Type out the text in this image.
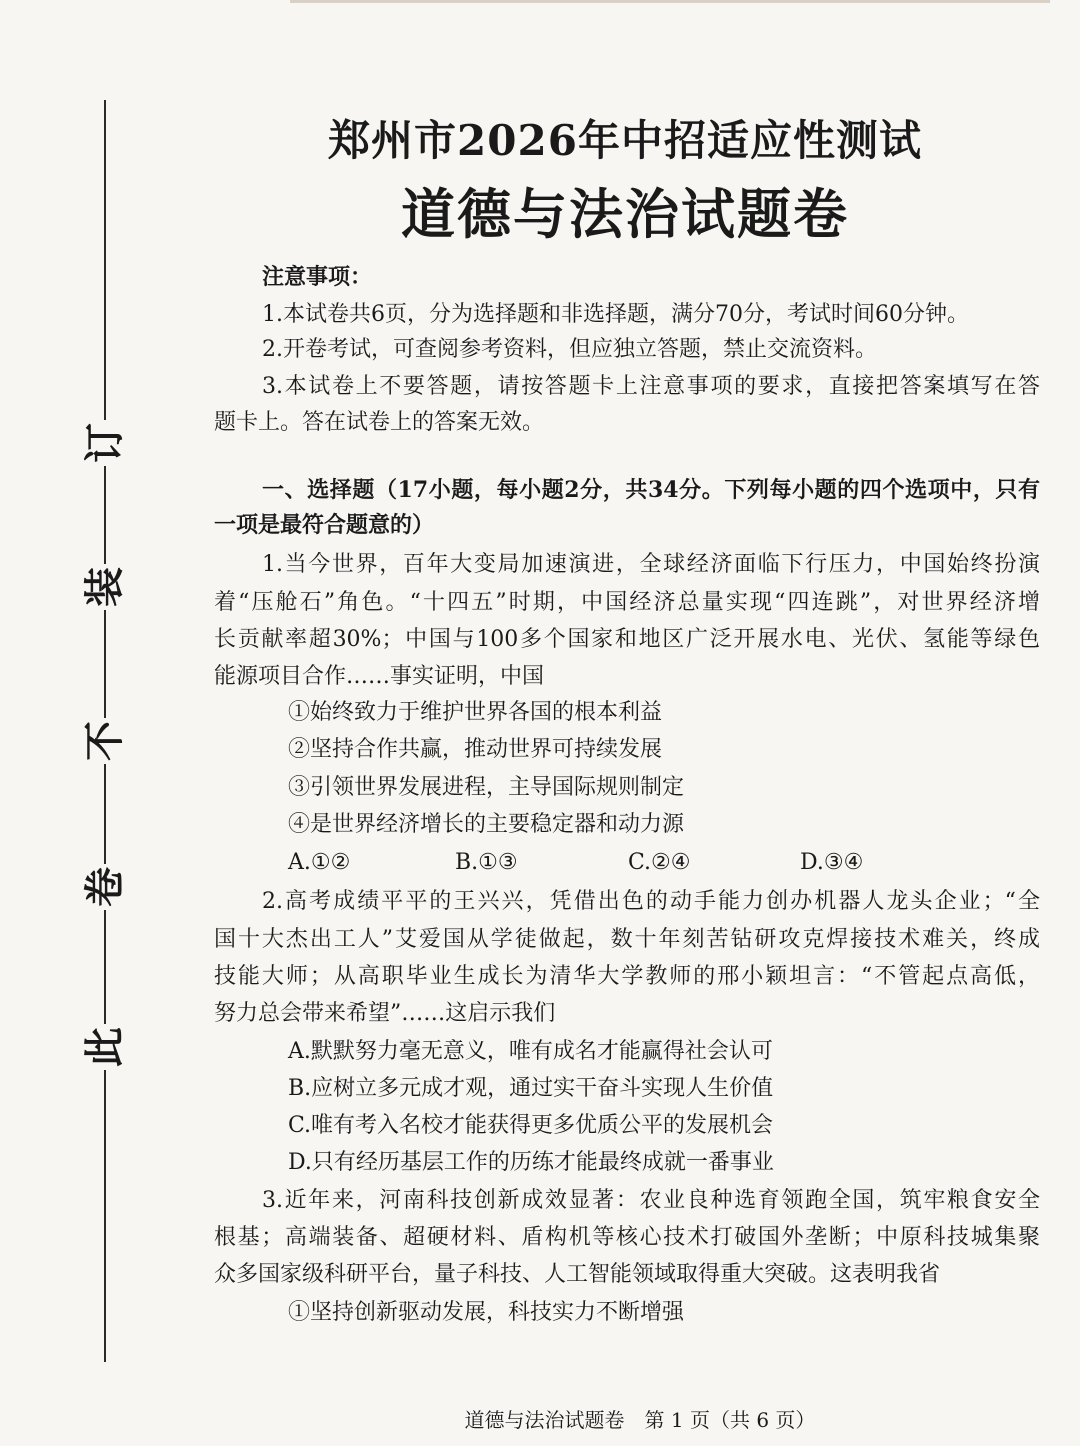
订
装
不
卷
此
郑州市2026年中招适应性测试
道德与法治试题卷
注意事项：
1.本试卷共6页，分为选择题和非选择题，满分70分，考试时间60分钟。
2.开卷考试，可查阅参考资料，但应独立答题，禁止交流资料。
3.本试卷上不要答题，请按答题卡上注意事项的要求，直接把答案填写在答
题卡上。答在试卷上的答案无效。
一、选择题（17小题，每小题2分，共34分。下列每小题的四个选项中，只有
一项是最符合题意的）
1.当今世界，百年大变局加速演进，全球经济面临下行压力，中国始终扮演
着“压舱石”角色。“十四五”时期，中国经济总量实现“四连跳”，对世界经济增
长贡献率超30%；中国与100多个国家和地区广泛开展水电、光伏、氢能等绿色
能源项目合作……事实证明，中国
①始终致力于维护世界各国的根本利益
②坚持合作共赢，推动世界可持续发展
③引领世界发展进程，主导国际规则制定
④是世界经济增长的主要稳定器和动力源
A.①②	B.①③	C.②④	D.③④
2.高考成绩平平的王兴兴，凭借出色的动手能力创办机器人龙头企业；“全
国十大杰出工人”艾爱国从学徒做起，数十年刻苦钻研攻克焊接技术难关，终成
技能大师；从高职毕业生成长为清华大学教师的邢小颖坦言：“不管起点高低，
努力总会带来希望”……这启示我们
A.默默努力毫无意义，唯有成名才能赢得社会认可
B.应树立多元成才观，通过实干奋斗实现人生价值
C.唯有考入名校才能获得更多优质公平的发展机会
D.只有经历基层工作的历练才能最终成就一番事业
3.近年来，河南科技创新成效显著：农业良种选育领跑全国，筑牢粮食安全
根基；高端装备、超硬材料、盾构机等核心技术打破国外垄断；中原科技城集聚
众多国家级科研平台，量子科技、人工智能领域取得重大突破。这表明我省
①坚持创新驱动发展，科技实力不断增强
道德与法治试题卷　第 1 页（共 6 页）
